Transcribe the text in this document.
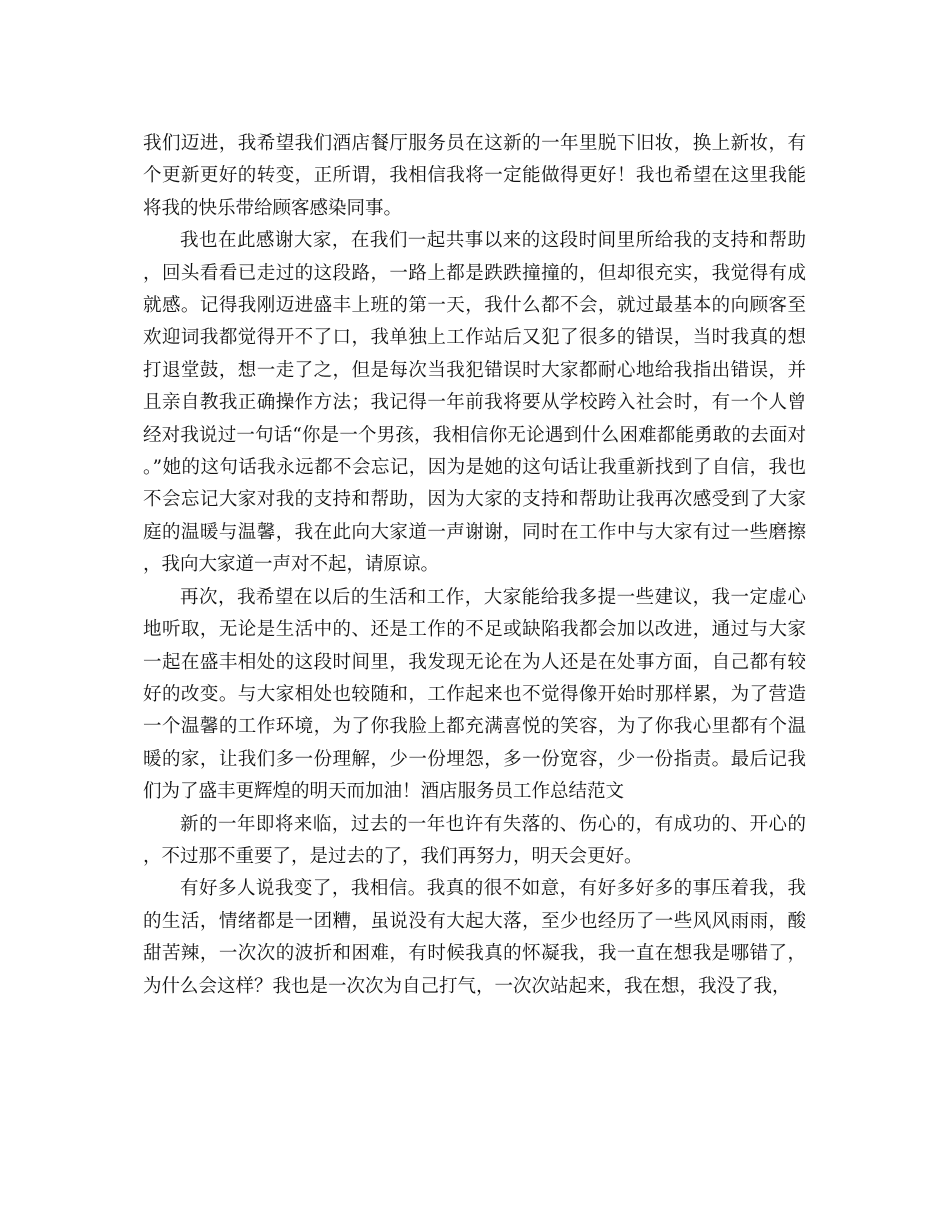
我们迈进，我希望我们酒店餐厅服务员在这新的一年里脱下旧妆，换上新妆，有个更新更好的转变，正所谓，我相信我将一定能做得更好！我也希望在这里我能将我的快乐带给顾客感染同事。

我也在此感谢大家，在我们一起共事以来的这段时间里所给我的支持和帮助，回头看看已走过的这段路，一路上都是跌跌撞撞的，但却很充实，我觉得有成就感。记得我刚迈进盛丰上班的第一天，我什么都不会，就过最基本的向顾客至欢迎词我都觉得开不了口，我单独上工作站后又犯了很多的错误，当时我真的想打退堂鼓，想一走了之，但是每次当我犯错误时大家都耐心地给我指出错误，并且亲自教我正确操作方法；我记得一年前我将要从学校跨入社会时，有一个人曾经对我说过一句话“你是一个男孩，我相信你无论遇到什么困难都能勇敢的去面对。”她的这句话我永远都不会忘记，因为是她的这句话让我重新找到了自信，我也不会忘记大家对我的支持和帮助，因为大家的支持和帮助让我再次感受到了大家庭的温暖与温馨，我在此向大家道一声谢谢，同时在工作中与大家有过一些磨擦，我向大家道一声对不起，请原谅。

再次，我希望在以后的生活和工作，大家能给我多提一些建议，我一定虚心地听取，无论是生活中的、还是工作的不足或缺陷我都会加以改进，通过与大家一起在盛丰相处的这段时间里，我发现无论在为人还是在处事方面，自己都有较好的改变。与大家相处也较随和，工作起来也不觉得像开始时那样累，为了营造一个温馨的工作环境，为了你我脸上都充满喜悦的笑容，为了你我心里都有个温暖的家，让我们多一份理解，少一份埋怨，多一份宽容，少一份指责。最后记我们为了盛丰更辉煌的明天而加油！酒店服务员工作总结范文

新的一年即将来临，过去的一年也许有失落的、伤心的，有成功的、开心的，不过那不重要了，是过去的了，我们再努力，明天会更好。

有好多人说我变了，我相信。我真的很不如意，有好多好多的事压着我，我的生活，情绪都是一团糟，虽说没有大起大落，至少也经历了一些风风雨雨，酸甜苦辣，一次次的波折和困难，有时候我真的怀凝我，我一直在想我是哪错了，为什么会这样？我也是一次次为自己打气，一次次站起来，我在想，我没了我，
